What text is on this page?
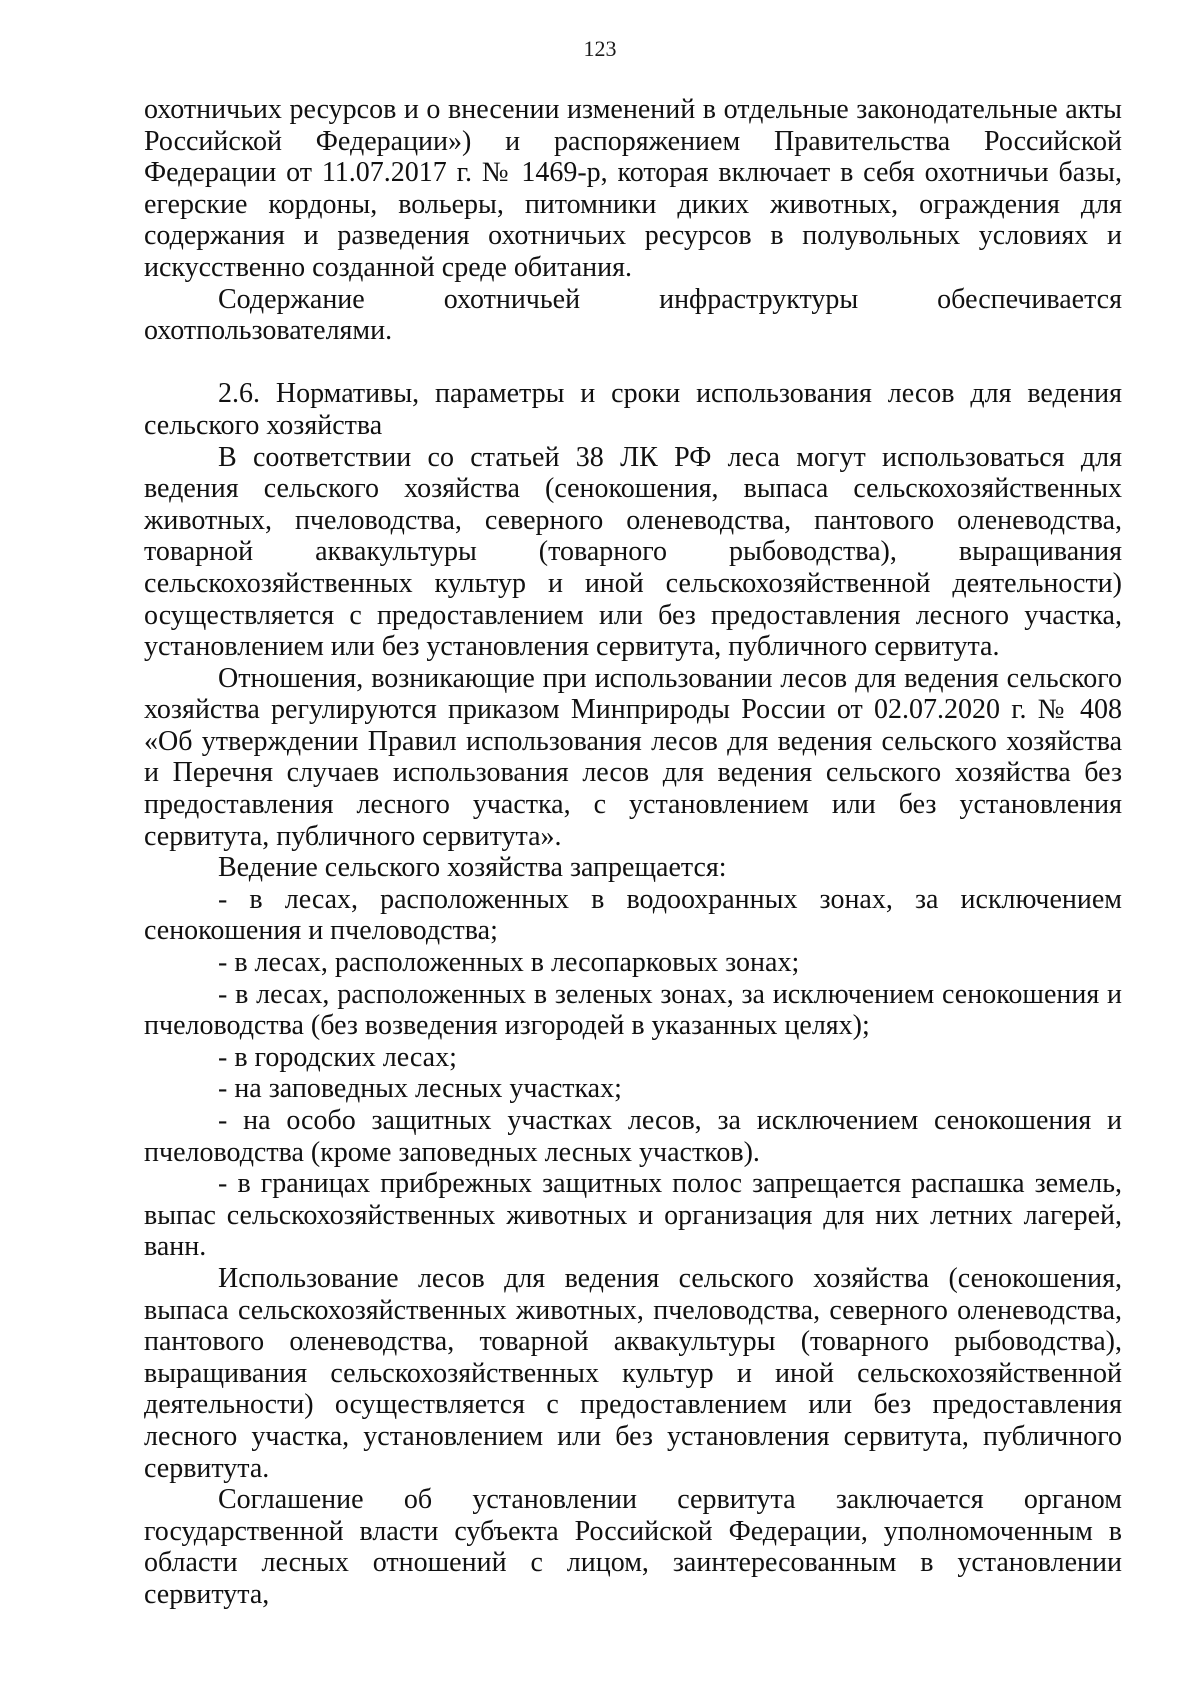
123

охотничьих ресурсов и о внесении изменений в отдельные законодательные акты Российской Федерации») и распоряжением Правительства Российской Федерации от 11.07.2017 г. № 1469-р, которая включает в себя охотничьи базы, егерские кордоны, вольеры, питомники диких животных, ограждения для содержания и разведения охотничьих ресурсов в полувольных условиях и искусственно созданной среде обитания.

Содержание охотничьей инфраструктуры обеспечивается охотпользователями.

2.6. Нормативы, параметры и сроки использования лесов для ведения сельского хозяйства

В соответствии со статьей 38 ЛК РФ леса могут использоваться для ведения сельского хозяйства (сенокошения, выпаса сельскохозяйственных животных, пчеловодства, северного оленеводства, пантового оленеводства, товарной аквакультуры (товарного рыбоводства), выращивания сельскохозяйственных культур и иной сельскохозяйственной деятельности) осуществляется с предоставлением или без предоставления лесного участка, установлением или без установления сервитута, публичного сервитута.

Отношения, возникающие при использовании лесов для ведения сельского хозяйства регулируются приказом Минприроды России от 02.07.2020 г. № 408 «Об утверждении Правил использования лесов для ведения сельского хозяйства и Перечня случаев использования лесов для ведения сельского хозяйства без предоставления лесного участка, с установлением или без установления сервитута, публичного сервитута».

Ведение сельского хозяйства запрещается:

- в лесах, расположенных в водоохранных зонах, за исключением сенокошения и пчеловодства;

- в лесах, расположенных в лесопарковых зонах;

- в лесах, расположенных в зеленых зонах, за исключением сенокошения и пчеловодства (без возведения изгородей в указанных целях);

- в городских лесах;

- на заповедных лесных участках;

- на особо защитных участках лесов, за исключением сенокошения и пчеловодства (кроме заповедных лесных участков).

- в границах прибрежных защитных полос запрещается распашка земель, выпас сельскохозяйственных животных и организация для них летних лагерей, ванн.

Использование лесов для ведения сельского хозяйства (сенокошения, выпаса сельскохозяйственных животных, пчеловодства, северного оленеводства, пантового оленеводства, товарной аквакультуры (товарного рыбоводства), выращивания сельскохозяйственных культур и иной сельскохозяйственной деятельности) осуществляется с предоставлением или без предоставления лесного участка, установлением или без установления сервитута, публичного сервитута.

Соглашение об установлении сервитута заключается органом государственной власти субъекта Российской Федерации, уполномоченным в области лесных отношений с лицом, заинтересованным в установлении сервитута,
